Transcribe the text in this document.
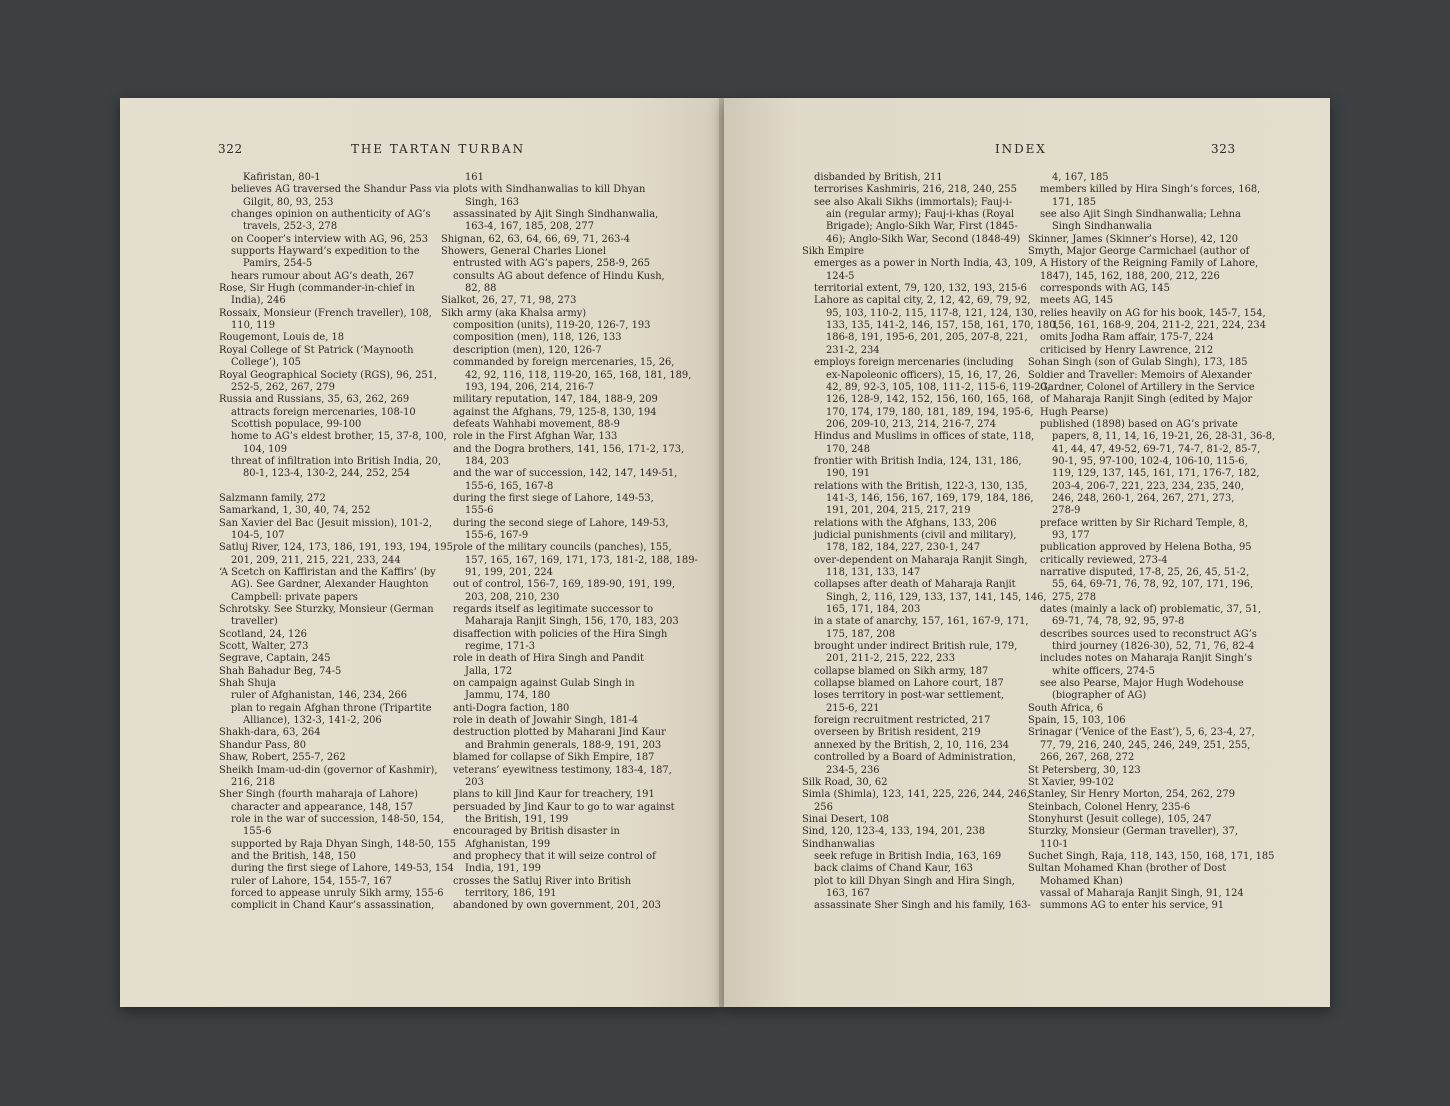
322	THE TARTAN TURBAN
Kafiristan, 80-1
believes AG traversed the Shandur Pass via
Gilgit, 80, 93, 253
changes opinion on authenticity of AG’s
travels, 252-3, 278
on Cooper’s interview with AG, 96, 253
supports Hayward’s expedition to the
Pamirs, 254-5
hears rumour about AG’s death, 267
Rose, Sir Hugh (commander-in-chief in
India), 246
Rossaix, Monsieur (French traveller), 108,
110, 119
Rougemont, Louis de, 18
Royal College of St Patrick (‘Maynooth
College’), 105
Royal Geographical Society (RGS), 96, 251,
252-5, 262, 267, 279
Russia and Russians, 35, 63, 262, 269
attracts foreign mercenaries, 108-10
Scottish populace, 99-100
home to AG’s eldest brother, 15, 37-8, 100,
104, 109
threat of infiltration into British India, 20,
80-1, 123-4, 130-2, 244, 252, 254
Salzmann family, 272
Samarkand, 1, 30, 40, 74, 252
San Xavier del Bac (Jesuit mission), 101-2,
104-5, 107
Satluj River, 124, 173, 186, 191, 193, 194, 195,
201, 209, 211, 215, 221, 233, 244
‘A Scetch on Kaffiristan and the Kaffirs’ (by
AG). See Gardner, Alexander Haughton
Campbell: private papers
Schrotsky. See Sturzky, Monsieur (German
traveller)
Scotland, 24, 126
Scott, Walter, 273
Segrave, Captain, 245
Shah Bahadur Beg, 74-5
Shah Shuja
ruler of Afghanistan, 146, 234, 266
plan to regain Afghan throne (Tripartite
Alliance), 132-3, 141-2, 206
Shakh-dara, 63, 264
Shandur Pass, 80
Shaw, Robert, 255-7, 262
Sheikh Imam-ud-din (governor of Kashmir),
216, 218
Sher Singh (fourth maharaja of Lahore)
character and appearance, 148, 157
role in the war of succession, 148-50, 154,
155-6
supported by Raja Dhyan Singh, 148-50, 155
and the British, 148, 150
during the first siege of Lahore, 149-53, 154
ruler of Lahore, 154, 155-7, 167
forced to appease unruly Sikh army, 155-6
complicit in Chand Kaur’s assassination,
161
plots with Sindhanwalias to kill Dhyan
Singh, 163
assassinated by Ajit Singh Sindhanwalia,
163-4, 167, 185, 208, 277
Shignan, 62, 63, 64, 66, 69, 71, 263-4
Showers, General Charles Lionel
entrusted with AG’s papers, 258-9, 265
consults AG about defence of Hindu Kush,
82, 88
Sialkot, 26, 27, 71, 98, 273
Sikh army (aka Khalsa army)
composition (units), 119-20, 126-7, 193
composition (men), 118, 126, 133
description (men), 120, 126-7
commanded by foreign mercenaries, 15, 26,
42, 92, 116, 118, 119-20, 165, 168, 181, 189,
193, 194, 206, 214, 216-7
military reputation, 147, 184, 188-9, 209
against the Afghans, 79, 125-8, 130, 194
defeats Wahhabi movement, 88-9
role in the First Afghan War, 133
and the Dogra brothers, 141, 156, 171-2, 173,
184, 203
and the war of succession, 142, 147, 149-51,
155-6, 165, 167-8
during the first siege of Lahore, 149-53,
155-6
during the second siege of Lahore, 149-53,
155-6, 167-9
role of the military councils (panches), 155,
157, 165, 167, 169, 171, 173, 181-2, 188, 189-
91, 199, 201, 224
out of control, 156-7, 169, 189-90, 191, 199,
203, 208, 210, 230
regards itself as legitimate successor to
Maharaja Ranjit Singh, 156, 170, 183, 203
disaffection with policies of the Hira Singh
regime, 171-3
role in death of Hira Singh and Pandit
Jalla, 172
on campaign against Gulab Singh in
Jammu, 174, 180
anti-Dogra faction, 180
role in death of Jowahir Singh, 181-4
destruction plotted by Maharani Jind Kaur
and Brahmin generals, 188-9, 191, 203
blamed for collapse of Sikh Empire, 187
veterans’ eyewitness testimony, 183-4, 187,
203
plans to kill Jind Kaur for treachery, 191
persuaded by Jind Kaur to go to war against
the British, 191, 199
encouraged by British disaster in
Afghanistan, 199
and prophecy that it will seize control of
India, 191, 199
crosses the Satluj River into British
territory, 186, 191
abandoned by own government, 201, 203
INDEX	323
disbanded by British, 211
terrorises Kashmiris, 216, 218, 240, 255
see also Akali Sikhs (immortals); Fauj-i-
ain (regular army); Fauj-i-khas (Royal
Brigade); Anglo-Sikh War, First (1845-
46); Anglo-Sikh War, Second (1848-49)
Sikh Empire
emerges as a power in North India, 43, 109,
124-5
territorial extent, 79, 120, 132, 193, 215-6
Lahore as capital city, 2, 12, 42, 69, 79, 92,
95, 103, 110-2, 115, 117-8, 121, 124, 130,
133, 135, 141-2, 146, 157, 158, 161, 170, 180,
186-8, 191, 195-6, 201, 205, 207-8, 221,
231-2, 234
employs foreign mercenaries (including
ex-Napoleonic officers), 15, 16, 17, 26,
42, 89, 92-3, 105, 108, 111-2, 115-6, 119-20,
126, 128-9, 142, 152, 156, 160, 165, 168,
170, 174, 179, 180, 181, 189, 194, 195-6,
206, 209-10, 213, 214, 216-7, 274
Hindus and Muslims in offices of state, 118,
170, 248
frontier with British India, 124, 131, 186,
190, 191
relations with the British, 122-3, 130, 135,
141-3, 146, 156, 167, 169, 179, 184, 186,
191, 201, 204, 215, 217, 219
relations with the Afghans, 133, 206
judicial punishments (civil and military),
178, 182, 184, 227, 230-1, 247
over-dependent on Maharaja Ranjit Singh,
118, 131, 133, 147
collapses after death of Maharaja Ranjit
Singh, 2, 116, 129, 133, 137, 141, 145, 146,
165, 171, 184, 203
in a state of anarchy, 157, 161, 167-9, 171,
175, 187, 208
brought under indirect British rule, 179,
201, 211-2, 215, 222, 233
collapse blamed on Sikh army, 187
collapse blamed on Lahore court, 187
loses territory in post-war settlement,
215-6, 221
foreign recruitment restricted, 217
overseen by British resident, 219
annexed by the British, 2, 10, 116, 234
controlled by a Board of Administration,
234-5, 236
Silk Road, 30, 62
Simla (Shimla), 123, 141, 225, 226, 244, 246,
256
Sinai Desert, 108
Sind, 120, 123-4, 133, 194, 201, 238
Sindhanwalias
seek refuge in British India, 163, 169
back claims of Chand Kaur, 163
plot to kill Dhyan Singh and Hira Singh,
163, 167
assassinate Sher Singh and his family, 163-
4, 167, 185
members killed by Hira Singh’s forces, 168,
171, 185
see also Ajit Singh Sindhanwalia; Lehna
Singh Sindhanwalia
Skinner, James (Skinner’s Horse), 42, 120
Smyth, Major George Carmichael (author of
A History of the Reigning Family of Lahore,
1847), 145, 162, 188, 200, 212, 226
corresponds with AG, 145
meets AG, 145
relies heavily on AG for his book, 145-7, 154,
156, 161, 168-9, 204, 211-2, 221, 224, 234
omits Jodha Ram affair, 175-7, 224
criticised by Henry Lawrence, 212
Sohan Singh (son of Gulab Singh), 173, 185
Soldier and Traveller: Memoirs of Alexander
Gardner, Colonel of Artillery in the Service
of Maharaja Ranjit Singh (edited by Major
Hugh Pearse)
published (1898) based on AG’s private
papers, 8, 11, 14, 16, 19-21, 26, 28-31, 36-8,
41, 44, 47, 49-52, 69-71, 74-7, 81-2, 85-7,
90-1, 95, 97-100, 102-4, 106-10, 115-6,
119, 129, 137, 145, 161, 171, 176-7, 182,
203-4, 206-7, 221, 223, 234, 235, 240,
246, 248, 260-1, 264, 267, 271, 273,
278-9
preface written by Sir Richard Temple, 8,
93, 177
publication approved by Helena Botha, 95
critically reviewed, 273-4
narrative disputed, 17-8, 25, 26, 45, 51-2,
55, 64, 69-71, 76, 78, 92, 107, 171, 196,
275, 278
dates (mainly a lack of) problematic, 37, 51,
69-71, 74, 78, 92, 95, 97-8
describes sources used to reconstruct AG’s
third journey (1826-30), 52, 71, 76, 82-4
includes notes on Maharaja Ranjit Singh’s
white officers, 274-5
see also Pearse, Major Hugh Wodehouse
(biographer of AG)
South Africa, 6
Spain, 15, 103, 106
Srinagar (‘Venice of the East’), 5, 6, 23-4, 27,
77, 79, 216, 240, 245, 246, 249, 251, 255,
266, 267, 268, 272
St Petersberg, 30, 123
St Xavier, 99-102
Stanley, Sir Henry Morton, 254, 262, 279
Steinbach, Colonel Henry, 235-6
Stonyhurst (Jesuit college), 105, 247
Sturzky, Monsieur (German traveller), 37,
110-1
Suchet Singh, Raja, 118, 143, 150, 168, 171, 185
Sultan Mohamed Khan (brother of Dost
Mohamed Khan)
vassal of Maharaja Ranjit Singh, 91, 124
summons AG to enter his service, 91
